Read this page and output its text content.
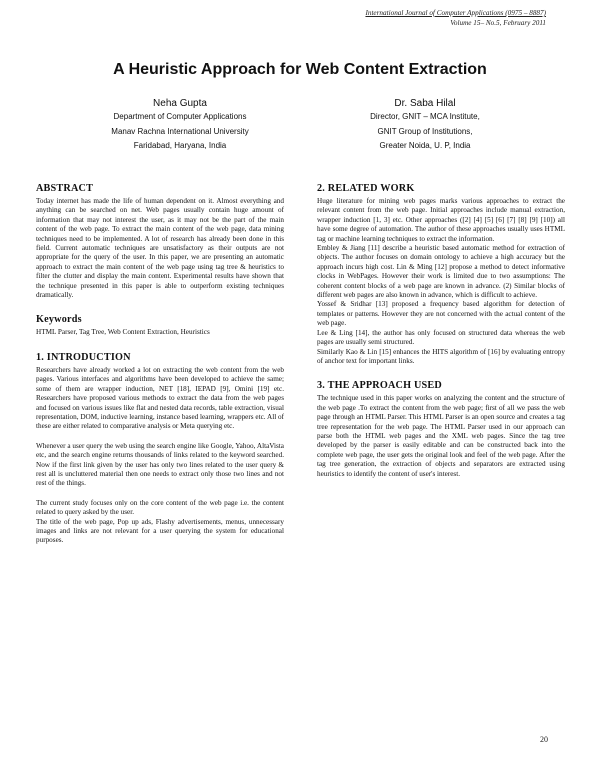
International Journal of Computer Applications (0975 – 8887)
Volume 15– No.5, February 2011
A Heuristic Approach for Web Content Extraction
Neha Gupta
Department of Computer Applications
Manav Rachna International University
Faridabad, Haryana, India
Dr. Saba Hilal
Director, GNIT – MCA Institute,
GNIT Group of Institutions,
Greater Noida, U. P, India
ABSTRACT

Today internet has made the life of human dependent on it. Almost everything and anything can be searched on net. Web pages usually contain huge amount of information that may not interest the user, as it may not be the part of the main content of the web page. To extract the main content of the web page, data mining techniques need to be implemented. A lot of research has already been done in this field. Current automatic techniques are unsatisfactory as their outputs are not appropriate for the query of the user. In this paper, we are presenting an automatic approach to extract the main content of the web page using tag tree & heuristics to filter the clutter and display the main content. Experimental results have shown that the technique presented in this paper is able to outperform existing techniques dramatically.

Keywords

HTML Parser, Tag Tree, Web Content Extraction, Heuristics

1. INTRODUCTION

Researchers have already worked a lot on extracting the web content from the web pages. Various interfaces and algorithms have been developed to achieve the same; some of them are wrapper induction, NET [18], IEPAD [9], Omini [19] etc. Researchers have proposed various methods to extract the data from the web pages and focused on various issues like flat and nested data records, table extraction, visual representation, DOM, inductive learning, instance based learning, wrappers etc. All of these are either related to comparative analysis or Meta querying etc.

Whenever a user query the web using the search engine like Google, Yahoo, AltaVista etc, and the search engine returns thousands of links related to the keyword searched. Now if the first link given by the user has only two lines related to the user query & rest all is uncluttered material then one needs to extract only those two lines and not rest of the things.

The current study focuses only on the core content of the web page i.e. the content related to query asked by the user.
The title of the web page, Pop up ads, Flashy advertisements, menus, unnecessary images and links are not relevant for a user querying the system for educational purposes.

2. RELATED WORK

Huge literature for mining web pages marks various approaches to extract the relevant content from the web page. Initial approaches include manual extraction, wrapper induction [1, 3] etc. Other approaches ([2] [4] [5] [6] [7] [8] [9] [10]) all have some degree of automation. The author of these approaches usually uses HTML tag or machine learning techniques to extract the information.
Embley & Jiang [11] describe a heuristic based automatic method for extraction of objects. The author focuses on domain ontology to achieve a high accuracy but the approach incurs high cost. Lin & Ming [12] propose a method to detect informative clocks in WebPages. However their work is limited due to two assumptions: The coherent content blocks of a web page are known in advance. (2) Similar blocks of different web pages are also known in advance, which is difficult to achieve.
Yossef & Sridhar [13] proposed a frequency based algorithm for detection of templates or patterns. However they are not concerned with the actual content of the web page.
Lee & Ling [14], the author has only focused on structured data whereas the web pages are usually semi structured.
Similarly Kao & Lin [15] enhances the HITS algorithm of [16] by evaluating entropy of anchor text for important links.

3. THE APPROACH USED

The technique used in this paper works on analyzing the content and the structure of the web page .To extract the content from the web page; first of all we pass the web page through an HTML Parser. This HTML Parser is an open source and creates a tag tree representation for the web page. The HTML Parser used in our approach can parse both the HTML web pages and the XML web pages. Since the tag tree developed by the parser is easily editable and can be constructed back into the complete web page, the user gets the original look and feel of the web page. After the tag tree generation, the extraction of objects and separators are extracted using heuristics to identify the content of user's interest.

20
